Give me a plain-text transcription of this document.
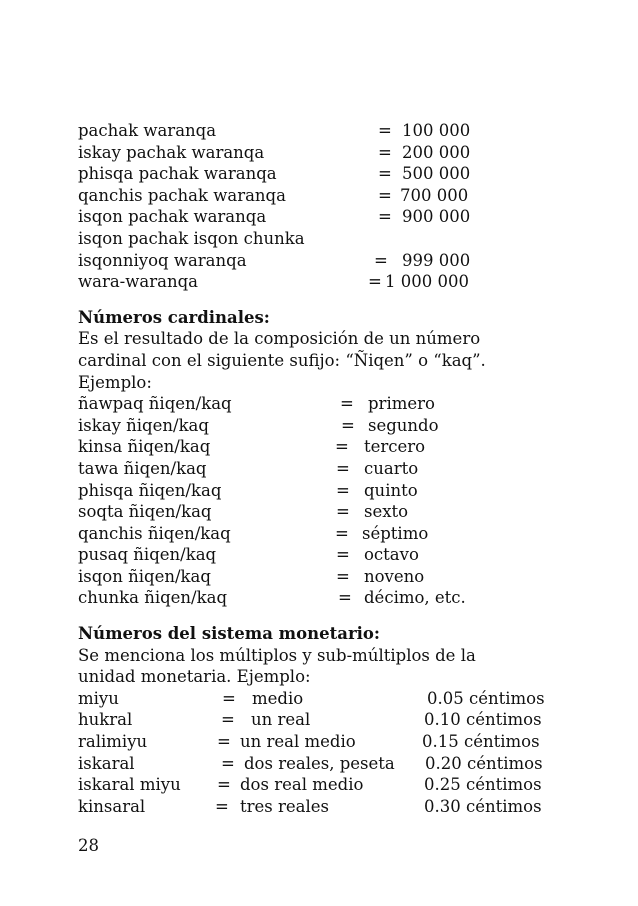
pachak waranqa	= 100 000
iskay pachak waranqa	= 200 000
phisqa pachak waranqa	= 500 000
qanchis pachak waranqa	= 700 000
isqon pachak waranqa	= 900 000
isqon pachak isqon chunka
isqonniyoq waranqa	= 999 000
wara-waranqa	= 1 000 000
Números cardinales:
Es el resultado de la composición de un número
cardinal con el siguiente sufijo: “Ñiqen” o “kaq”.
Ejemplo:
ñawpaq ñiqen/kaq	= primero
iskay ñiqen/kaq	= segundo
kinsa ñiqen/kaq	= tercero
tawa ñiqen/kaq	= cuarto
phisqa ñiqen/kaq	= quinto
soqta ñiqen/kaq	= sexto
qanchis ñiqen/kaq	= séptimo
pusaq ñiqen/kaq	= octavo
isqon ñiqen/kaq	= noveno
chunka ñiqen/kaq	= décimo, etc.
Números del sistema monetario:
Se menciona los múltiplos y sub-múltiplos de la
unidad monetaria. Ejemplo:
miyu	= medio	0.05 céntimos
hukral	= un real	0.10 céntimos
ralimiyu	= un real medio	0.15 céntimos
iskaral	= dos reales, peseta 0.20 céntimos
iskaral miyu = dos real medio	0.25 céntimos
kinsaral	= tres reales	0.30 céntimos
28
